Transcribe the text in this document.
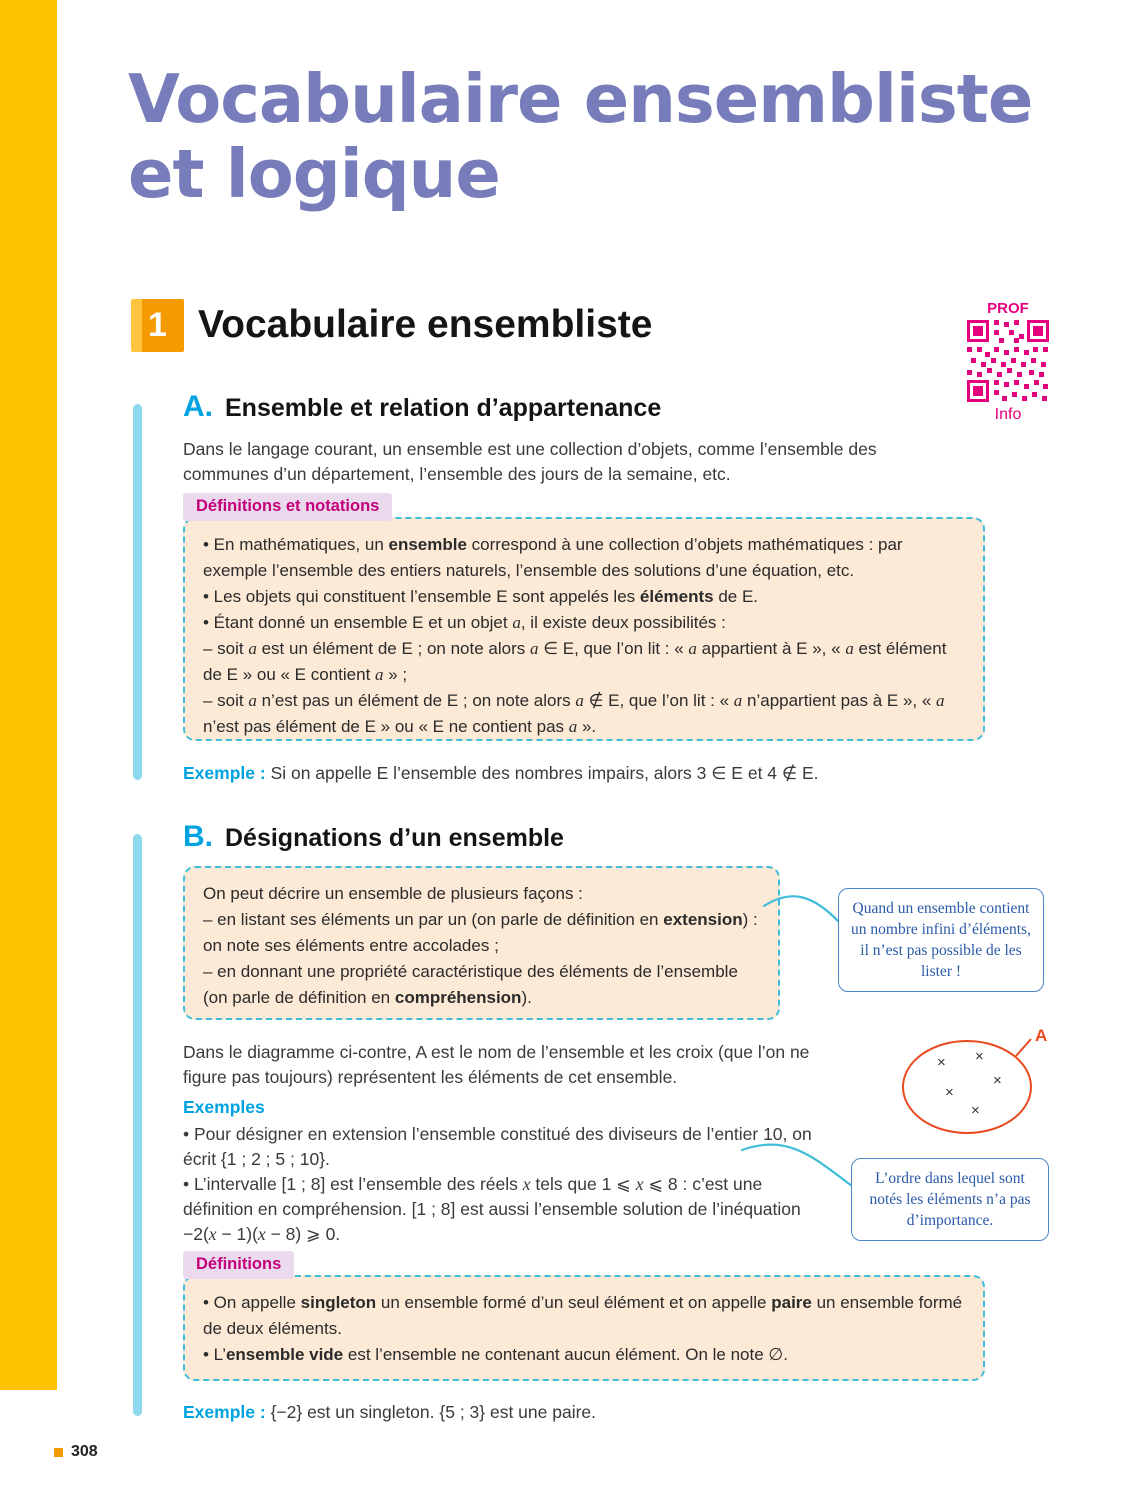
Vocabulaire ensembliste
et logique
1 Vocabulaire ensembliste	PROF
Info
A. Ensemble et relation d’appartenance
Dans le langage courant, un ensemble est une collection d’objets, comme l’ensemble des communes d’un département, l’ensemble des jours de la semaine, etc.
Définitions et notations

• En mathématiques, un ensemble correspond à une collection d’objets mathématiques : par exemple l’ensemble des entiers naturels, l’ensemble des solutions d’une équation, etc.

• Les objets qui constituent l’ensemble E sont appelés les éléments de E.

• Étant donné un ensemble E et un objet a, il existe deux possibilités :

– soit a est un élément de E ; on note alors a ∈ E, que l’on lit : « a appartient à E », « a est élément de E » ou « E contient a » ;

– soit a n’est pas un élément de E ; on note alors a ∉ E, que l’on lit : « a n’appartient pas à E », « a n’est pas élément de E » ou « E ne contient pas a ».

Exemple : Si on appelle E l’ensemble des nombres impairs, alors 3 ∈ E et 4 ∉ E.
B. Désignations d’un ensemble

On peut décrire un ensemble de plusieurs façons :
– en listant ses éléments un par un (on parle de définition en extension) : on note ses éléments entre accolades ;
– en donnant une propriété caractéristique des éléments de l’ensemble (on parle de définition en compréhension).

Quand un ensemble contient un nombre infini d’éléments, il n’est pas possible de les lister !
A
× ×
×
×
×
Dans le diagramme ci-contre, A est le nom de l’ensemble et les croix (que l’on ne figure pas toujours) représentent les éléments de cet ensemble.
Exemples

• Pour désigner en extension l’ensemble constitué des diviseurs de l’entier 10, on écrit {1 ; 2 ; 5 ; 10}.

• L’intervalle [1 ; 8] est l’ensemble des réels x tels que 1 ⩽ x ⩽ 8 : c’est une définition en compréhension. [1 ; 8] est aussi l’ensemble solution de l’inéquation −2(x − 1)(x − 8) ⩾ 0.

L’ordre dans lequel sont notés les éléments n’a pas d’importance.
Définitions

• On appelle singleton un ensemble formé d’un seul élément et on appelle paire un ensemble formé de deux éléments.

• L’ensemble vide est l’ensemble ne contenant aucun élément. On le note ∅.

Exemple : {−2} est un singleton. {5 ; 3} est une paire.
308
